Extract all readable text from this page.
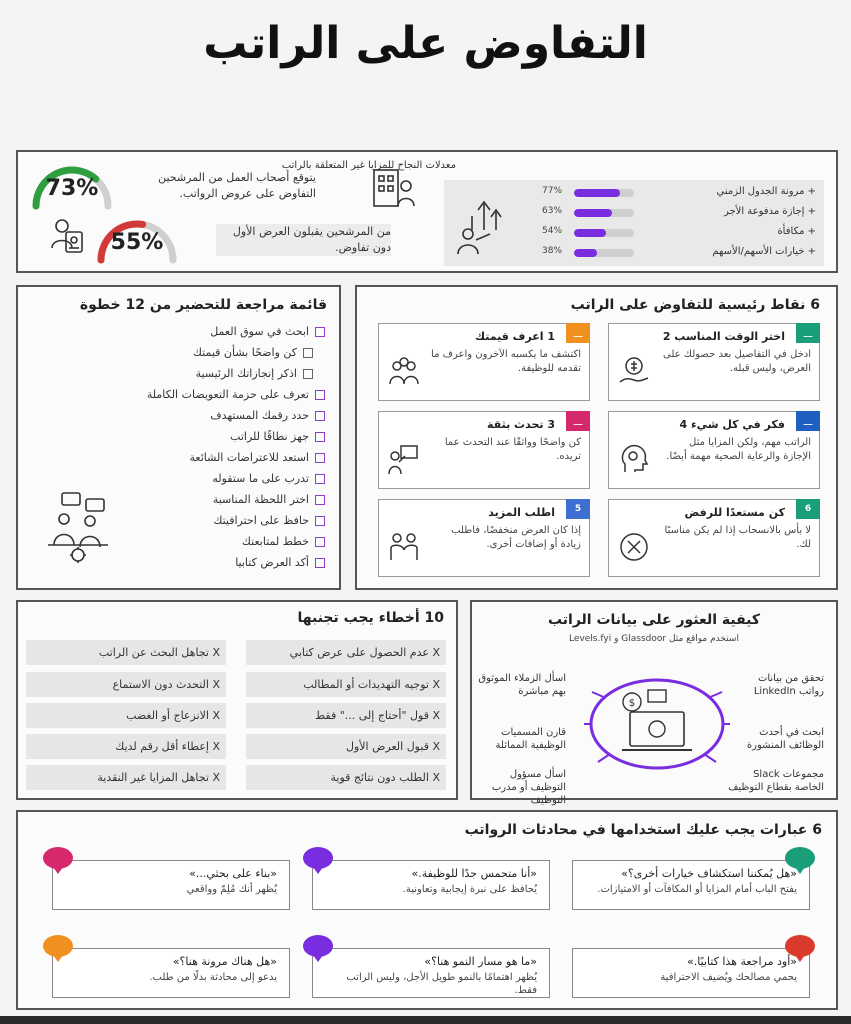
التفاوض على الراتب
73%	يتوقع أصحاب العمل من المرشحين التفاوض على عروض الرواتب.
55%	من المرشحين يقبلون العرض الأول دون تفاوض.
معدلات النجاح للمزايا غير المتعلقة بالراتب
+ مرونة الجدول الزمني
77%
+ إجازة مدفوعة الأجر
63%
+ مكافأة
54%
+ خيارات الأسهم/الأسهم
38%
قائمة مراجعة للتحضير من 12 خطوة
ابحث في سوق العمل
كن واضحًا بشأن قيمتك
اذكر إنجازاتك الرئيسية
تعرف على حزمة التعويضات الكاملة
حدد رقمك المستهدف
جهز نطاقًا للراتب
استعد للاعتراضات الشائعة
تدرب على ما ستقوله
اختر اللحظة المناسبة
حافظ على احترافيتك
خطط لمتابعتك
أكد العرض كتابيا
6 نقاط رئيسية للتفاوض على الراتب
__
اختر الوقت المناسب 2
ادخل في التفاصيل بعد حصولك على العرض، وليس قبله.
__
1 اعرف قيمتك
اكتشف ما يكسبه الآخرون واعرف ما تقدمه للوظيفة.
__
فكر في كل شيء 4
الراتب مهم، ولكن المزايا مثل الإجازة والرعاية الصحية مهمة أيضًا.
__
3 تحدث بثقة
كن واضحًا وواثقًا عند التحدث عما تريده.
6
كن مستعدًا للرفض
لا بأس بالانسحاب إذا لم يكن مناسبًا لك.
5
اطلب المزيد
إذا كان العرض منخفضًا، فاطلب زيادة أو إضافات أخرى.
10 أخطاء يجب تجنبها
X تجاهل البحث عن الراتب	X عدم الحصول على عرض كتابي
X التحدث دون الاستماع	X توجيه التهديدات أو المطالب
X الانزعاج أو الغضب	X قول "أحتاج إلى ..." فقط
X إعطاء أقل رقم لديك	X قبول العرض الأول
X تجاهل المزايا غير النقدية	X الطلب دون نتائج قوية
كيفية العثور على بيانات الراتب
استخدم مواقع مثل Glassdoor و Levels.fyi
$
تحقق من بيانات رواتب LinkedIn
اسأل الزملاء الموثوق بهم مباشرة
ابحث في أحدث الوظائف المنشورة
قارن المسميات الوظيفية المماثلة
مجموعات Slack الخاصة بقطاع التوظيف
اسأل مسؤول التوظيف أو مدرب التوظيف
6 عبارات يجب عليك استخدامها في محادثات الرواتب
«هل يُمكننا استكشاف خيارات أخرى؟»
يفتح الباب أمام المزايا أو المكافآت أو الامتيازات.
«أنا متحمس جدًا للوظيفة.»
يُحافظ على نبرة إيجابية وتعاونية.
«بناء على بحثي...»
يُظهر أنك مُلِمّ وواقعي
«أود مراجعة هذا كتابيًا.»
يحمي مصالحك ويُضيف الاحترافية
«ما هو مسار النمو هنا؟»
يُظهر اهتمامًا بالنمو طويل الأجل، وليس الراتب فقط.
«هل هناك مرونة هنا؟»
يدعو إلى محادثة بدلًا من طلب.
